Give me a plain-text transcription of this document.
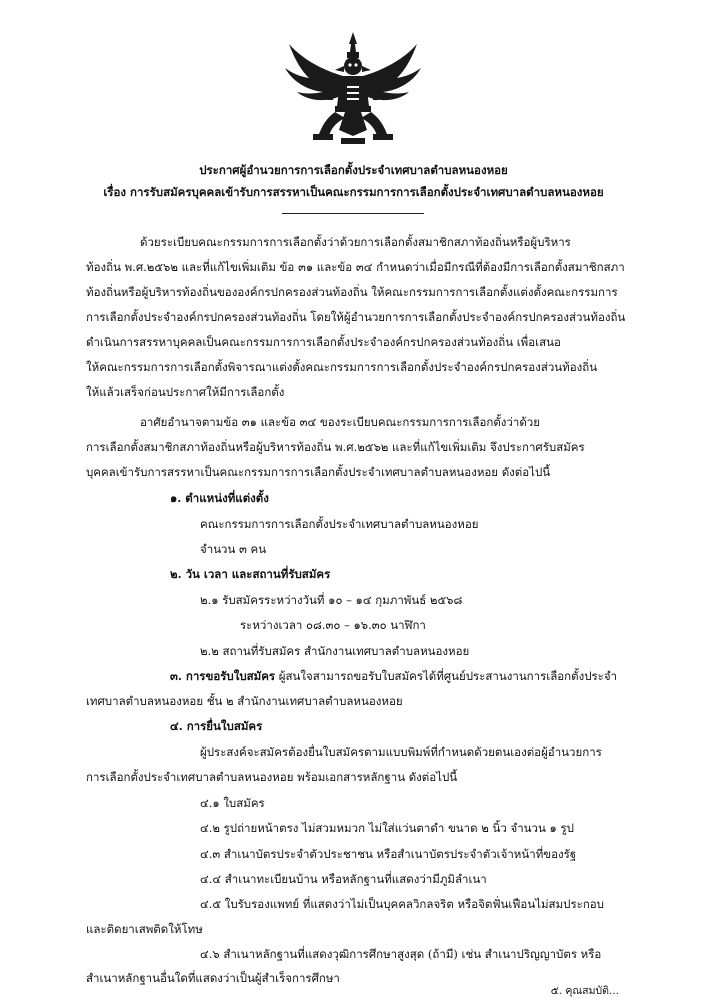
ประกาศผู้อำนวยการการเลือกตั้งประจำเทศบาลตำบลหนองหอย
เรื่อง การรับสมัครบุคคลเข้ารับการสรรหาเป็นคณะกรรมการการเลือกตั้งประจำเทศบาลตำบลหนองหอย
ด้วยระเบียบคณะกรรมการการเลือกตั้งว่าด้วยการเลือกตั้งสมาชิกสภาท้องถิ่นหรือผู้บริหาร
ท้องถิ่น พ.ศ.๒๕๖๒ และที่แก้ไขเพิ่มเติม ข้อ ๓๑ และข้อ ๓๔ กำหนดว่าเมื่อมีกรณีที่ต้องมีการเลือกตั้งสมาชิกสภา
ท้องถิ่นหรือผู้บริหารท้องถิ่นขององค์กรปกครองส่วนท้องถิ่น ให้คณะกรรมการการเลือกตั้งแต่งตั้งคณะกรรมการ
การเลือกตั้งประจำองค์กรปกครองส่วนท้องถิ่น โดยให้ผู้อำนวยการการเลือกตั้งประจำองค์กรปกครองส่วนท้องถิ่น
ดำเนินการสรรหาบุคคลเป็นคณะกรรมการการเลือกตั้งประจำองค์กรปกครองส่วนท้องถิ่น เพื่อเสนอ
ให้คณะกรรมการการเลือกตั้งพิจารณาแต่งตั้งคณะกรรมการการเลือกตั้งประจำองค์กรปกครองส่วนท้องถิ่น
ให้แล้วเสร็จก่อนประกาศให้มีการเลือกตั้ง
อาศัยอำนาจตามข้อ ๓๑ และข้อ ๓๔ ของระเบียบคณะกรรมการการเลือกตั้งว่าด้วย
การเลือกตั้งสมาชิกสภาท้องถิ่นหรือผู้บริหารท้องถิ่น พ.ศ.๒๕๖๒ และที่แก้ไขเพิ่มเติม จึงประกาศรับสมัคร
บุคคลเข้ารับการสรรหาเป็นคณะกรรมการการเลือกตั้งประจำเทศบาลตำบลหนองหอย ดังต่อไปนี้
๑. ตำแหน่งที่แต่งตั้ง
คณะกรรมการการเลือกตั้งประจำเทศบาลตำบลหนองหอย
จำนวน ๓ คน
๒. วัน เวลา และสถานที่รับสมัคร
๒.๑ รับสมัครระหว่างวันที่ ๑๐ – ๑๔ กุมภาพันธ์ ๒๕๖๘
ระหว่างเวลา ๐๘.๓๐ – ๑๖.๓๐ นาฬิกา
๒.๒ สถานที่รับสมัคร สำนักงานเทศบาลตำบลหนองหอย
๓. การขอรับใบสมัคร ผู้สนใจสามารถขอรับใบสมัครได้ที่ศูนย์ประสานงานการเลือกตั้งประจำ
เทศบาลตำบลหนองหอย ชั้น ๒ สำนักงานเทศบาลตำบลหนองหอย
๔. การยื่นใบสมัคร
ผู้ประสงค์จะสมัครต้องยื่นใบสมัครตามแบบพิมพ์ที่กำหนดด้วยตนเองต่อผู้อำนวยการ
การเลือกตั้งประจำเทศบาลตำบลหนองหอย พร้อมเอกสารหลักฐาน ดังต่อไปนี้
๔.๑ ใบสมัคร
๔.๒ รูปถ่ายหน้าตรง ไม่สวมหมวก ไม่ใส่แว่นตาดำ ขนาด ๒ นิ้ว จำนวน ๑ รูป
๔.๓ สำเนาบัตรประจำตัวประชาชน หรือสำเนาบัตรประจำตัวเจ้าหน้าที่ของรัฐ
๔.๔ สำเนาทะเบียนบ้าน หรือหลักฐานที่แสดงว่ามีภูมิลำเนา
๔.๕ ใบรับรองแพทย์ ที่แสดงว่าไม่เป็นบุคคลวิกลจริต หรือจิตฟั่นเฟือนไม่สมประกอบ
และติดยาเสพติดให้โทษ
๔.๖ สำเนาหลักฐานที่แสดงวุฒิการศึกษาสูงสุด (ถ้ามี) เช่น สำเนาปริญญาบัตร หรือ
สำเนาหลักฐานอื่นใดที่แสดงว่าเป็นผู้สำเร็จการศึกษา
๕. คุณสมบัติ...
